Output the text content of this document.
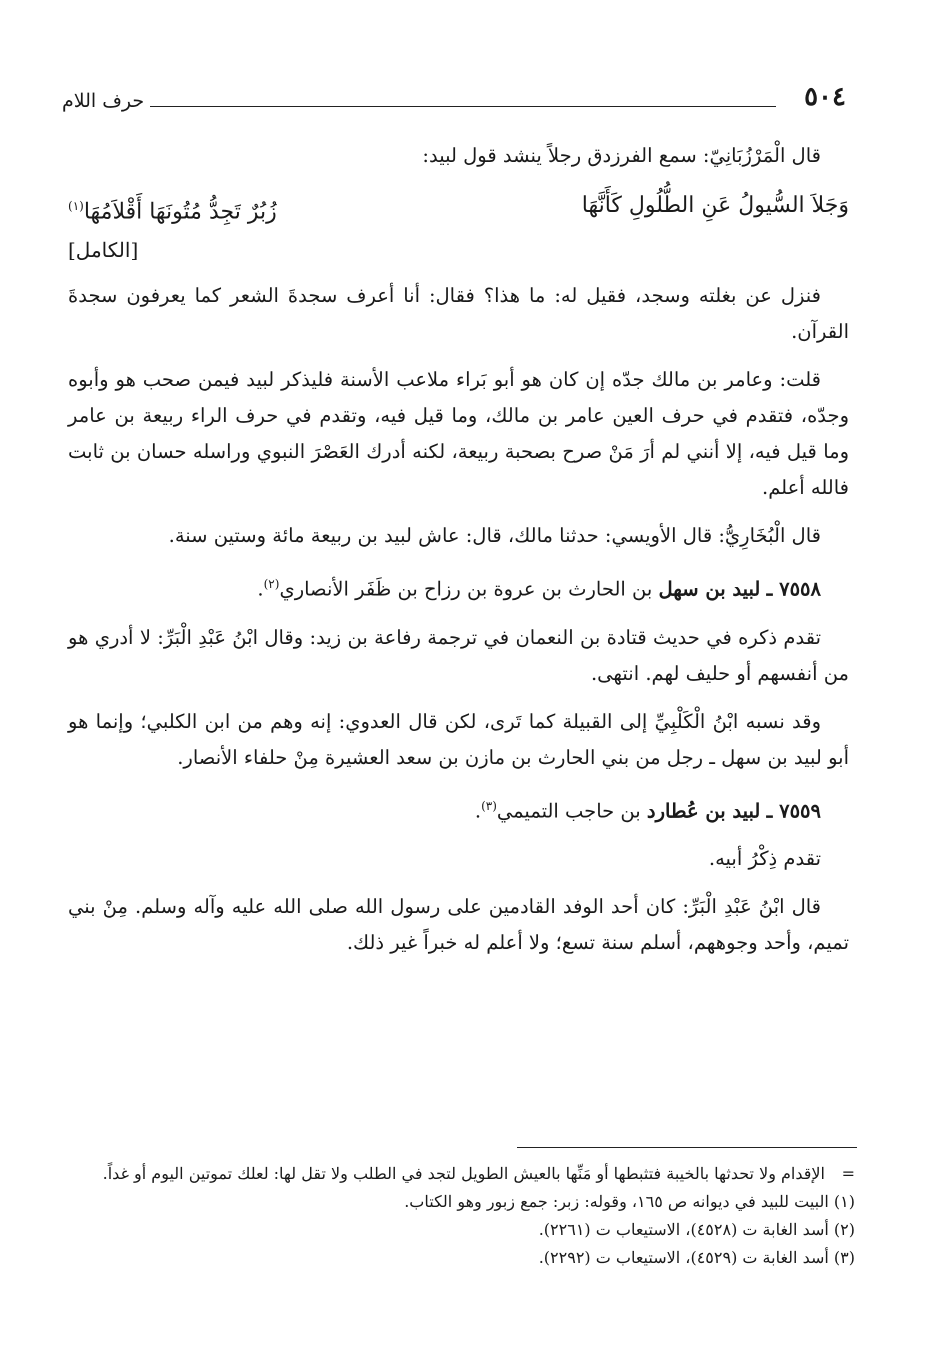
٥٠٤
حرف اللام

قال الْمَرْزُبَانِيّ: سمع الفرزدق رجلاً ينشد قول لبيد:

وَجَلاَ السُّيولُ عَنِ الطُّلُولِ كَأَنَّهَا
زُبُرٌ تَجِدُّ مُتُونَهَا أَقْلاَمُهَا$^{(١)}$

[الكامل]

فنزل عن بغلته وسجد، فقيل له: ما هذا؟ فقال: أنا أعرف سجدةَ الشعر كما يعرفون سجدةَ القرآن.

قلت: وعامر بن مالك جدّه إن كان هو أبو بَراء ملاعب الأسنة فليذكر لبيد فيمن صحب هو وأبوه وجدّه، فتقدم في حرف العين عامر بن مالك، وما قيل فيه، وتقدم في حرف الراء ربيعة بن عامر وما قيل فيه، إلا أنني لم أرَ مَنْ صرح بصحبة ربيعة، لكنه أدرك العَصْرَ النبوي وراسله حسان بن ثابت فالله أعلم.

قال الْبُخَارِيُّ: قال الأويسي: حدثنا مالك، قال: عاش لبيد بن ربيعة مائة وستين سنة.

٧٥٥٨ ـ لبيد بن سهل بن الحارث بن عروة بن رزاح بن ظَفَر الأنصاري$^{(٢)}$.

تقدم ذكره في حديث قتادة بن النعمان في ترجمة رفاعة بن زيد: وقال ابْنُ عَبْدِ الْبَرِّ: لا أدري هو من أنفسهم أو حليف لهم. انتهى.

وقد نسبه ابْنُ الْكَلْبِيِّ إلى القبيلة كما تَرى، لكن قال العدوي: إنه وهم من ابن الكلبي؛ وإنما هو أبو لبيد بن سهل ـ رجل من بني الحارث بن مازن بن سعد العشيرة مِنْ حلفاء الأنصار.

٧٥٥٩ ـ لبيد بن عُطارد بن حاجب التميمي$^{(٣)}$.

تقدم ذِكْرُ أبيه.

قال ابْنُ عَبْدِ الْبَرِّ: كان أحد الوفد القادمين على رسول الله صلى الله عليه وآله وسلم. مِنْ بني تميم، وأحد وجوههم، أسلم سنة تسع؛ ولا أعلم له خبراً غير ذلك.

=
الإقدام ولا تحدثها بالخيبة فتثبطها أو مَنِّها بالعيش الطويل لتجد في الطلب ولا تقل لها: لعلك تموتين اليوم أو غداً.

(١) البيت للبيد في ديوانه ص ١٦٥، وقوله: زبر: جمع زبور وهو الكتاب.

(٢) أسد الغابة ت (٤٥٢٨)، الاستيعاب ت (٢٢٦١).

(٣) أسد الغابة ت (٤٥٢٩)، الاستيعاب ت (٢٢٩٢).
